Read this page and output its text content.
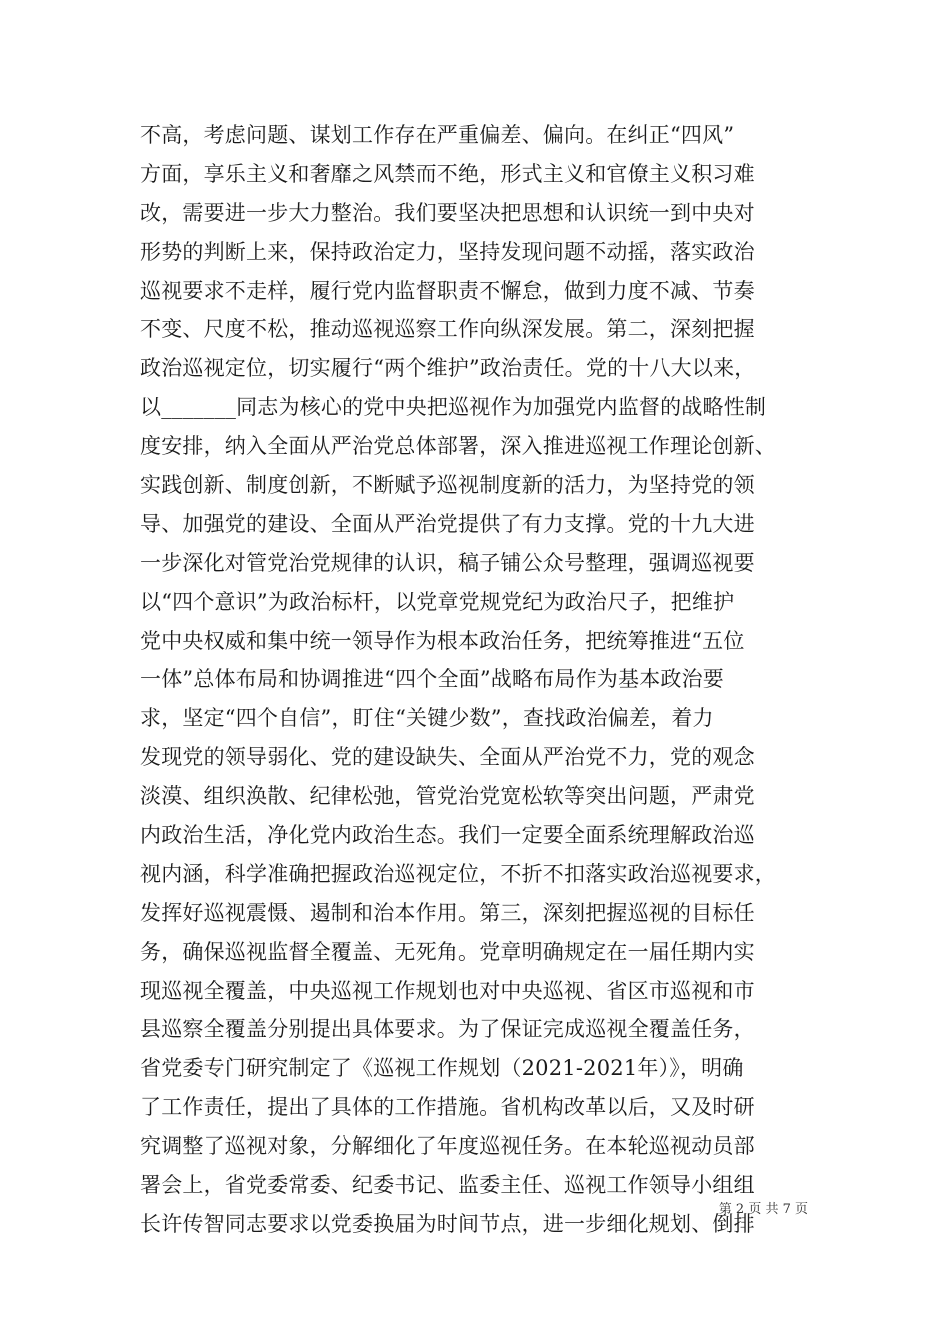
不高，考虑问题、谋划工作存在严重偏差、偏向。在纠正“四风”
方面，享乐主义和奢靡之风禁而不绝，形式主义和官僚主义积习难
改，需要进一步大力整治。我们要坚决把思想和认识统一到中央对
形势的判断上来，保持政治定力，坚持发现问题不动摇，落实政治
巡视要求不走样，履行党内监督职责不懈怠，做到力度不减、节奏
不变、尺度不松，推动巡视巡察工作向纵深发展。第二，深刻把握
政治巡视定位，切实履行“两个维护”政治责任。党的十八大以来，
以_______同志为核心的党中央把巡视作为加强党内监督的战略性制
度安排，纳入全面从严治党总体部署，深入推进巡视工作理论创新、
实践创新、制度创新，不断赋予巡视制度新的活力，为坚持党的领
导、加强党的建设、全面从严治党提供了有力支撑。党的十九大进
一步深化对管党治党规律的认识，稿子铺公众号整理，强调巡视要
以“四个意识”为政治标杆，以党章党规党纪为政治尺子，把维护
党中央权威和集中统一领导作为根本政治任务，把统筹推进“五位
一体”总体布局和协调推进“四个全面”战略布局作为基本政治要
求，坚定“四个自信”，盯住“关键少数”，查找政治偏差，着力
发现党的领导弱化、党的建设缺失、全面从严治党不力，党的观念
淡漠、组织涣散、纪律松弛，管党治党宽松软等突出问题，严肃党
内政治生活，净化党内政治生态。我们一定要全面系统理解政治巡
视内涵，科学准确把握政治巡视定位，不折不扣落实政治巡视要求，
发挥好巡视震慑、遏制和治本作用。第三，深刻把握巡视的目标任
务，确保巡视监督全覆盖、无死角。党章明确规定在一届任期内实
现巡视全覆盖，中央巡视工作规划也对中央巡视、省区市巡视和市
县巡察全覆盖分别提出具体要求。为了保证完成巡视全覆盖任务，
省党委专门研究制定了《巡视工作规划（2021-2021年）》，明确
了工作责任，提出了具体的工作措施。省机构改革以后，又及时研
究调整了巡视对象，分解细化了年度巡视任务。在本轮巡视动员部
署会上，省党委常委、纪委书记、监委主任、巡视工作领导小组组
长许传智同志要求以党委换届为时间节点，进一步细化规划、倒排
第 2 页 共 7 页
